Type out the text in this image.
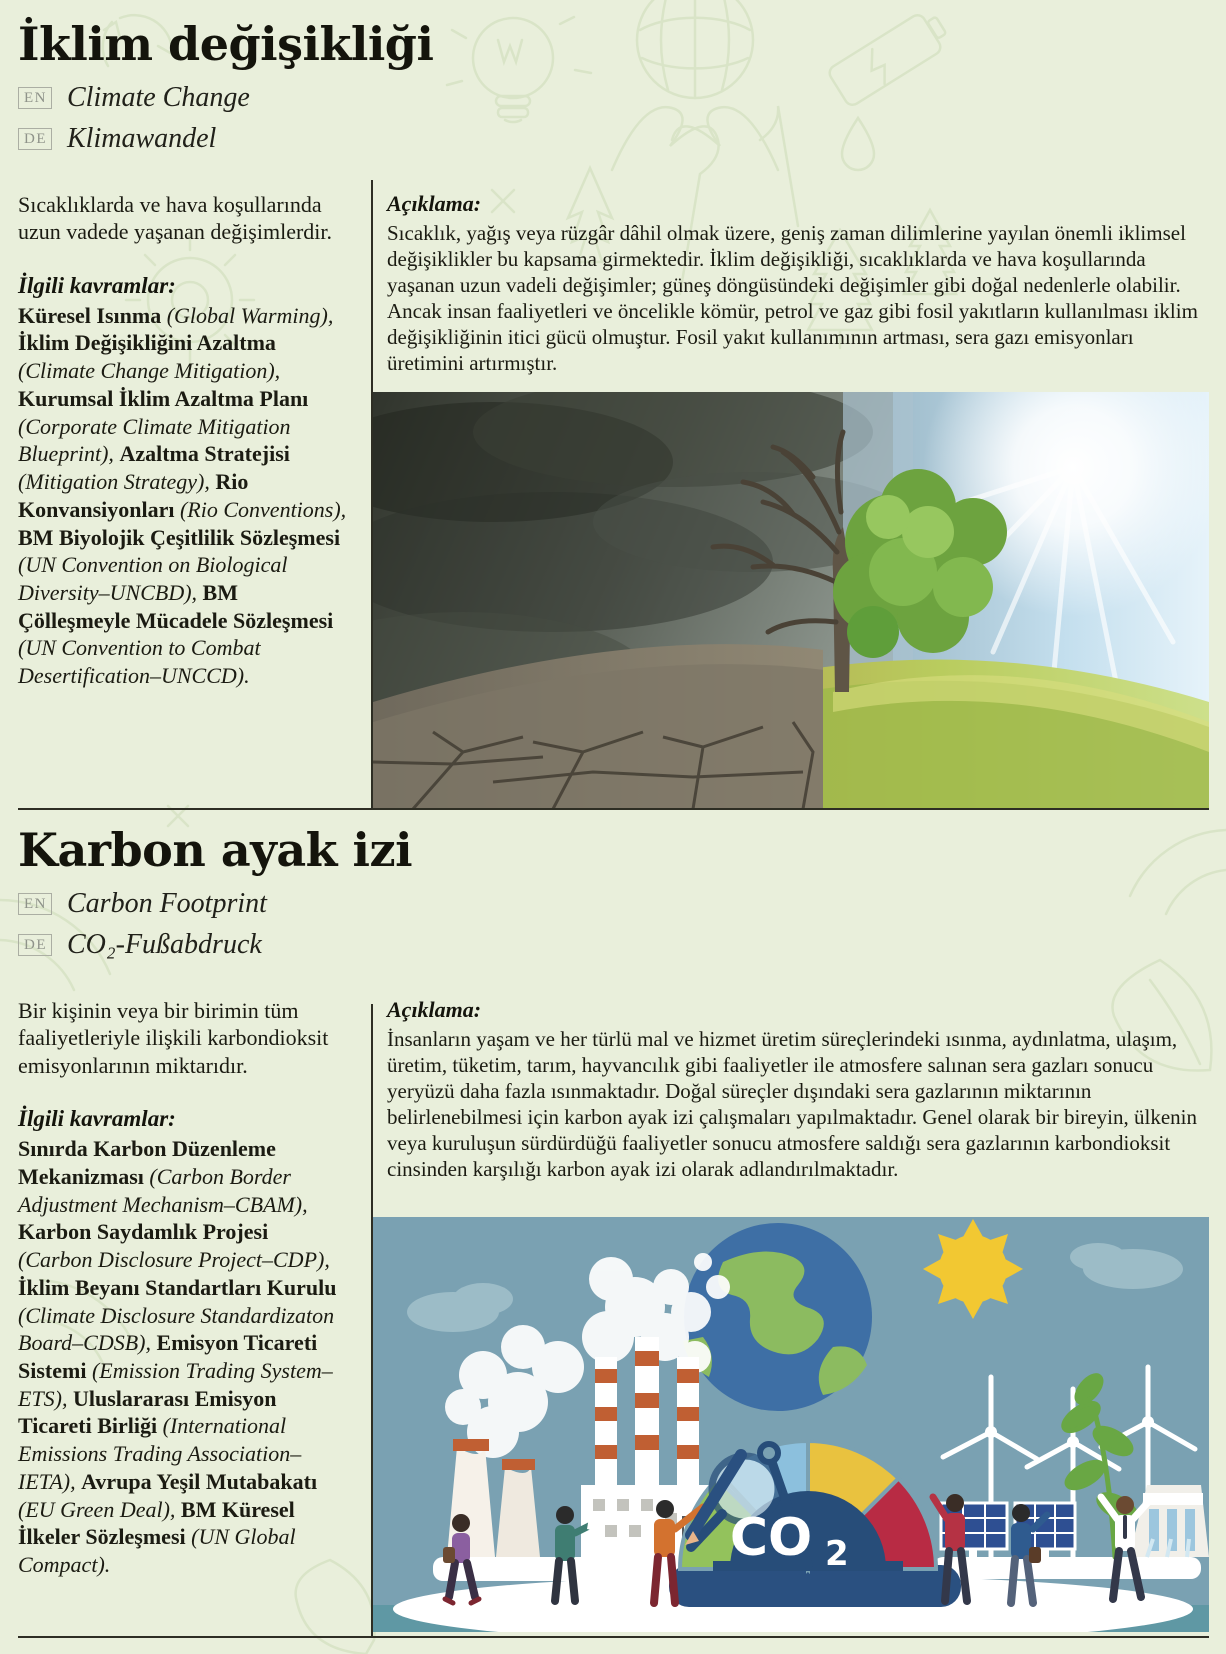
İklim değişikliği
EN Climate Change
DE Klimawandel
Sıcaklıklarda ve hava koşullarında uzun vadede yaşanan değişimlerdir.
İlgili kavramlar:
Küresel Isınma (Global Warming), İklim Değişikliğini Azaltma (Climate Change Mitigation), Kurumsal İklim Azaltma Planı (Corporate Climate Mitigation Blueprint), Azaltma Stratejisi (Mitigation Strategy), Rio Konvansiyonları (Rio Conventions), BM Biyolojik Çeşitlilik Sözleşmesi (UN Convention on Biological Diversity–UNCBD), BM Çölleşmeyle Mücadele Sözleşmesi (UN Convention to Combat Desertification–UNCCD).
Açıklama:
Sıcaklık, yağış veya rüzgâr dâhil olmak üzere, geniş zaman dilimlerine yayılan önemli iklimsel değişiklikler bu kapsama girmektedir. İklim değişikliği, sıcaklıklarda ve hava koşullarında yaşanan uzun vadeli değişimler; güneş döngüsündeki değişimler gibi doğal nedenlerle olabilir. Ancak insan faaliyetleri ve öncelikle kömür, petrol ve gaz gibi fosil yakıtların kullanılması iklim değişikliğinin itici gücü olmuştur. Fosil yakıt kullanımının artması, sera gazı emisyonları üretimini artırmıştır.
Karbon ayak izi
EN Carbon Footprint
DE CO₂-Fußabdruck
Bir kişinin veya bir birimin tüm faaliyetleriyle ilişkili karbondioksit emisyonlarının miktarıdır.
İlgili kavramlar:
Sınırda Karbon Düzenleme Mekanizması (Carbon Border Adjustment Mechanism–CBAM), Karbon Saydamlık Projesi (Carbon Disclosure Project–CDP), İklim Beyanı Standartları Kurulu (Climate Disclosure Standardizaton Board–CDSB), Emisyon Ticareti Sistemi (Emission Trading System–ETS), Uluslararası Emisyon Ticareti Birliği (International Emissions Trading Association–IETA), Avrupa Yeşil Mutabakatı (EU Green Deal), BM Küresel İlkeler Sözleşmesi (UN Global Compact).
Açıklama:
İnsanların yaşam ve her türlü mal ve hizmet üretim süreçlerindeki ısınma, aydınlatma, ulaşım, üretim, tüketim, tarım, hayvancılık gibi faaliyetler ile atmosfere salınan sera gazları sonucu yeryüzü daha fazla ısınmaktadır. Doğal süreçler dışındaki sera gazlarının miktarının belirlenebilmesi için karbon ayak izi çalışmaları yapılmaktadır. Genel olarak bir bireyin, ülkenin veya kuruluşun sürdürdüğü faaliyetler sonucu atmosfere saldığı sera gazlarının karbondioksit cinsinden karşılığı karbon ayak izi olarak adlandırılmaktadır.
CO 2
